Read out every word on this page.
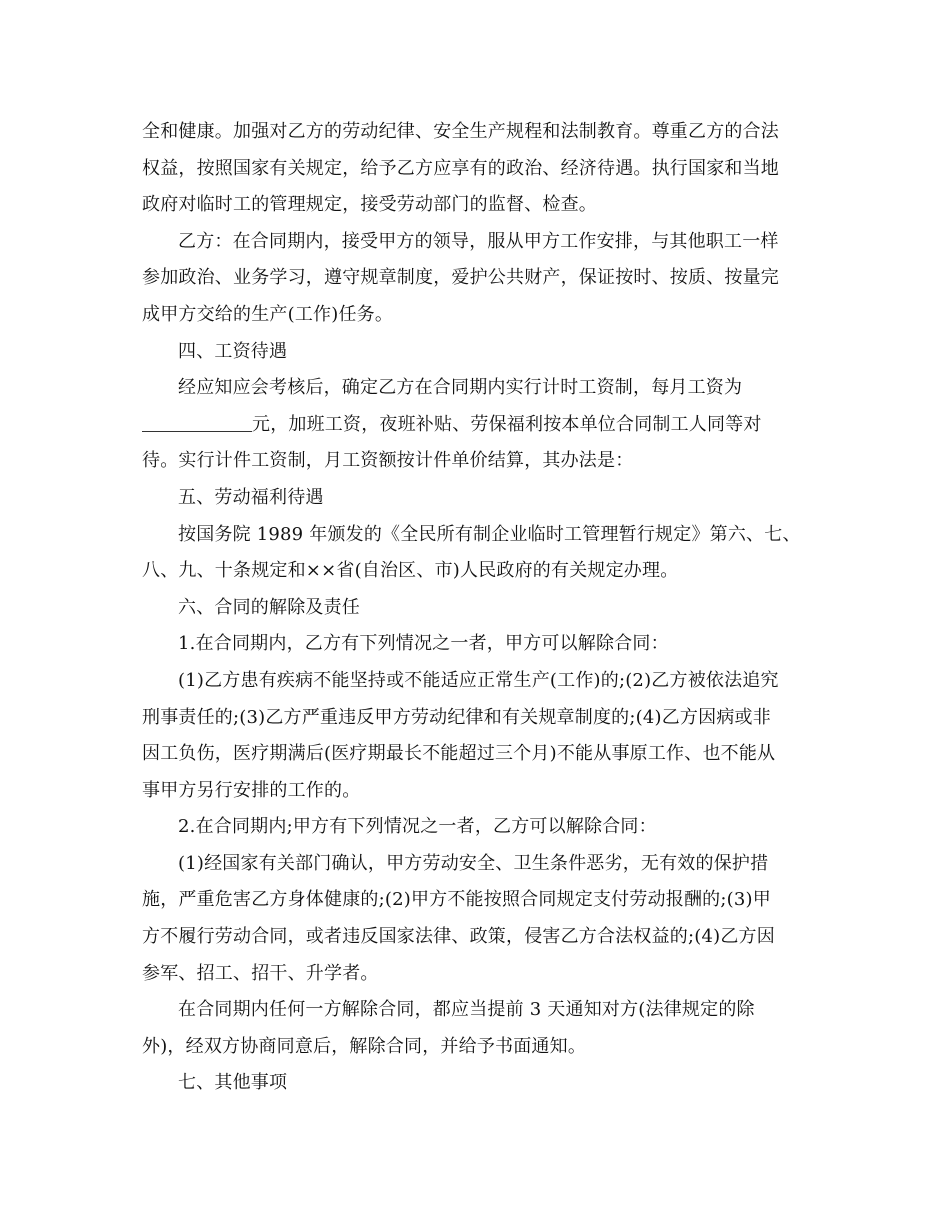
全和健康。加强对乙方的劳动纪律、安全生产规程和法制教育。尊重乙方的合法
权益，按照国家有关规定，给予乙方应享有的政治、经济待遇。执行国家和当地
政府对临时工的管理规定，接受劳动部门的监督、检查。
乙方：在合同期内，接受甲方的领导，服从甲方工作安排，与其他职工一样
参加政治、业务学习，遵守规章制度，爱护公共财产，保证按时、按质、按量完
成甲方交给的生产(工作)任务。
四、工资待遇
经应知应会考核后，确定乙方在合同期内实行计时工资制，每月工资为
元，加班工资，夜班补贴、劳保福利按本单位合同制工人同等对
待。实行计件工资制，月工资额按计件单价结算，其办法是：
五、劳动福利待遇
按国务院 1989 年颁发的《全民所有制企业临时工管理暂行规定》第六、七、
八、九、十条规定和××省(自治区、市)人民政府的有关规定办理。
六、合同的解除及责任
1.在合同期内，乙方有下列情况之一者，甲方可以解除合同：
(1)乙方患有疾病不能坚持或不能适应正常生产(工作)的;(2)乙方被依法追究
刑事责任的;(3)乙方严重违反甲方劳动纪律和有关规章制度的;(4)乙方因病或非
因工负伤，医疗期满后(医疗期最长不能超过三个月)不能从事原工作、也不能从
事甲方另行安排的工作的。
2.在合同期内;甲方有下列情况之一者，乙方可以解除合同：
(1)经国家有关部门确认，甲方劳动安全、卫生条件恶劣，无有效的保护措
施，严重危害乙方身体健康的;(2)甲方不能按照合同规定支付劳动报酬的;(3)甲
方不履行劳动合同，或者违反国家法律、政策，侵害乙方合法权益的;(4)乙方因
参军、招工、招干、升学者。
在合同期内任何一方解除合同，都应当提前 3 天通知对方(法律规定的除
外)，经双方协商同意后，解除合同，并给予书面通知。
七、其他事项
